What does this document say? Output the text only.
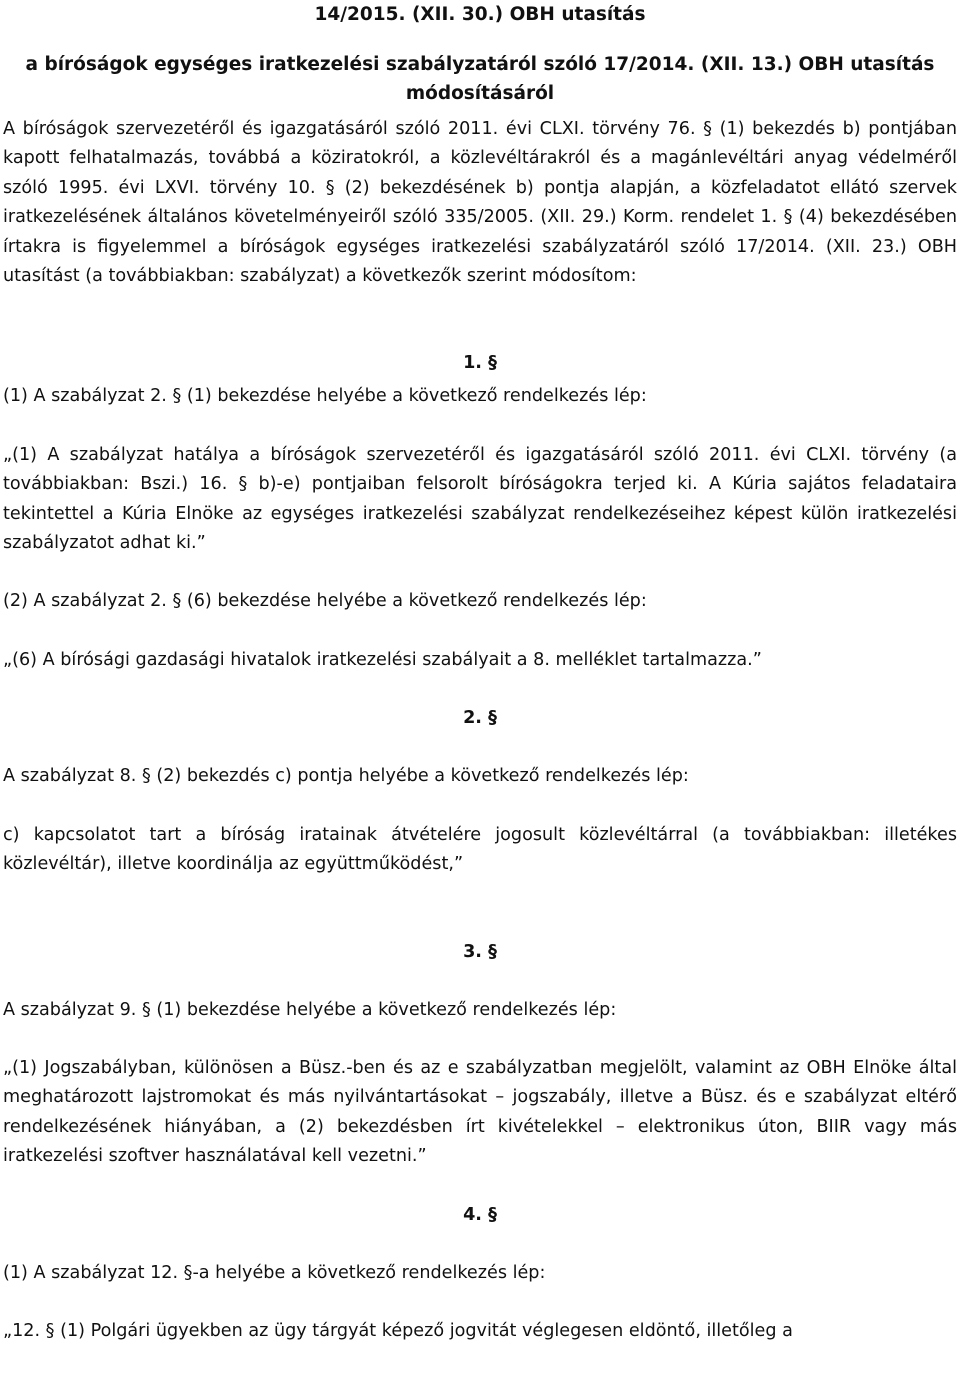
14/2015. (XII. 30.) OBH utasítás
a bíróságok egységes iratkezelési szabályzatáról szóló 17/2014. (XII. 13.) OBH utasítás módosításáról

A bíróságok szervezetéről és igazgatásáról szóló 2011. évi CLXI. törvény 76. § (1) bekezdés b) pontjában kapott felhatalmazás, továbbá a köziratokról, a közlevéltárakról és a magánlevéltári anyag védelméről szóló 1995. évi LXVI. törvény 10. § (2) bekezdésének b) pontja alapján, a közfeladatot ellátó szervek iratkezelésének általános követelményeiről szóló 335/2005. (XII. 29.) Korm. rendelet 1. § (4) bekezdésében írtakra is figyelemmel a bíróságok egységes iratkezelési szabályzatáról szóló 17/2014. (XII. 23.) OBH utasítást (a továbbiakban: szabályzat) a következők szerint módosítom:

1. §

(1) A szabályzat 2. § (1) bekezdése helyébe a következő rendelkezés lép:

„(1) A szabályzat hatálya a bíróságok szervezetéről és igazgatásáról szóló 2011. évi CLXI. törvény (a továbbiakban: Bszi.) 16. § b)-e) pontjaiban felsorolt bíróságokra terjed ki. A Kúria sajátos feladataira tekintettel a Kúria Elnöke az egységes iratkezelési szabályzat rendelkezéseihez képest külön iratkezelési szabályzatot adhat ki.”

(2) A szabályzat 2. § (6) bekezdése helyébe a következő rendelkezés lép:

„(6) A bírósági gazdasági hivatalok iratkezelési szabályait a 8. melléklet tartalmazza.”

2. §

A szabályzat 8. § (2) bekezdés c) pontja helyébe a következő rendelkezés lép:

c) kapcsolatot tart a bíróság iratainak átvételére jogosult közlevéltárral (a továbbiakban: illetékes közlevéltár), illetve koordinálja az együttműködést,”

3. §

A szabályzat 9. § (1) bekezdése helyébe a következő rendelkezés lép:

„(1) Jogszabályban, különösen a Büsz.-ben és az e szabályzatban megjelölt, valamint az OBH Elnöke által meghatározott lajstromokat és más nyilvántartásokat – jogszabály, illetve a Büsz. és e szabályzat eltérő rendelkezésének hiányában, a (2) bekezdésben írt kivételekkel – elektronikus úton, BIIR vagy más iratkezelési szoftver használatával kell vezetni.”

4. §

(1) A szabályzat 12. §-a helyébe a következő rendelkezés lép:

„12. § (1) Polgári ügyekben az ügy tárgyát képező jogvitát véglegesen eldöntő, illetőleg a
